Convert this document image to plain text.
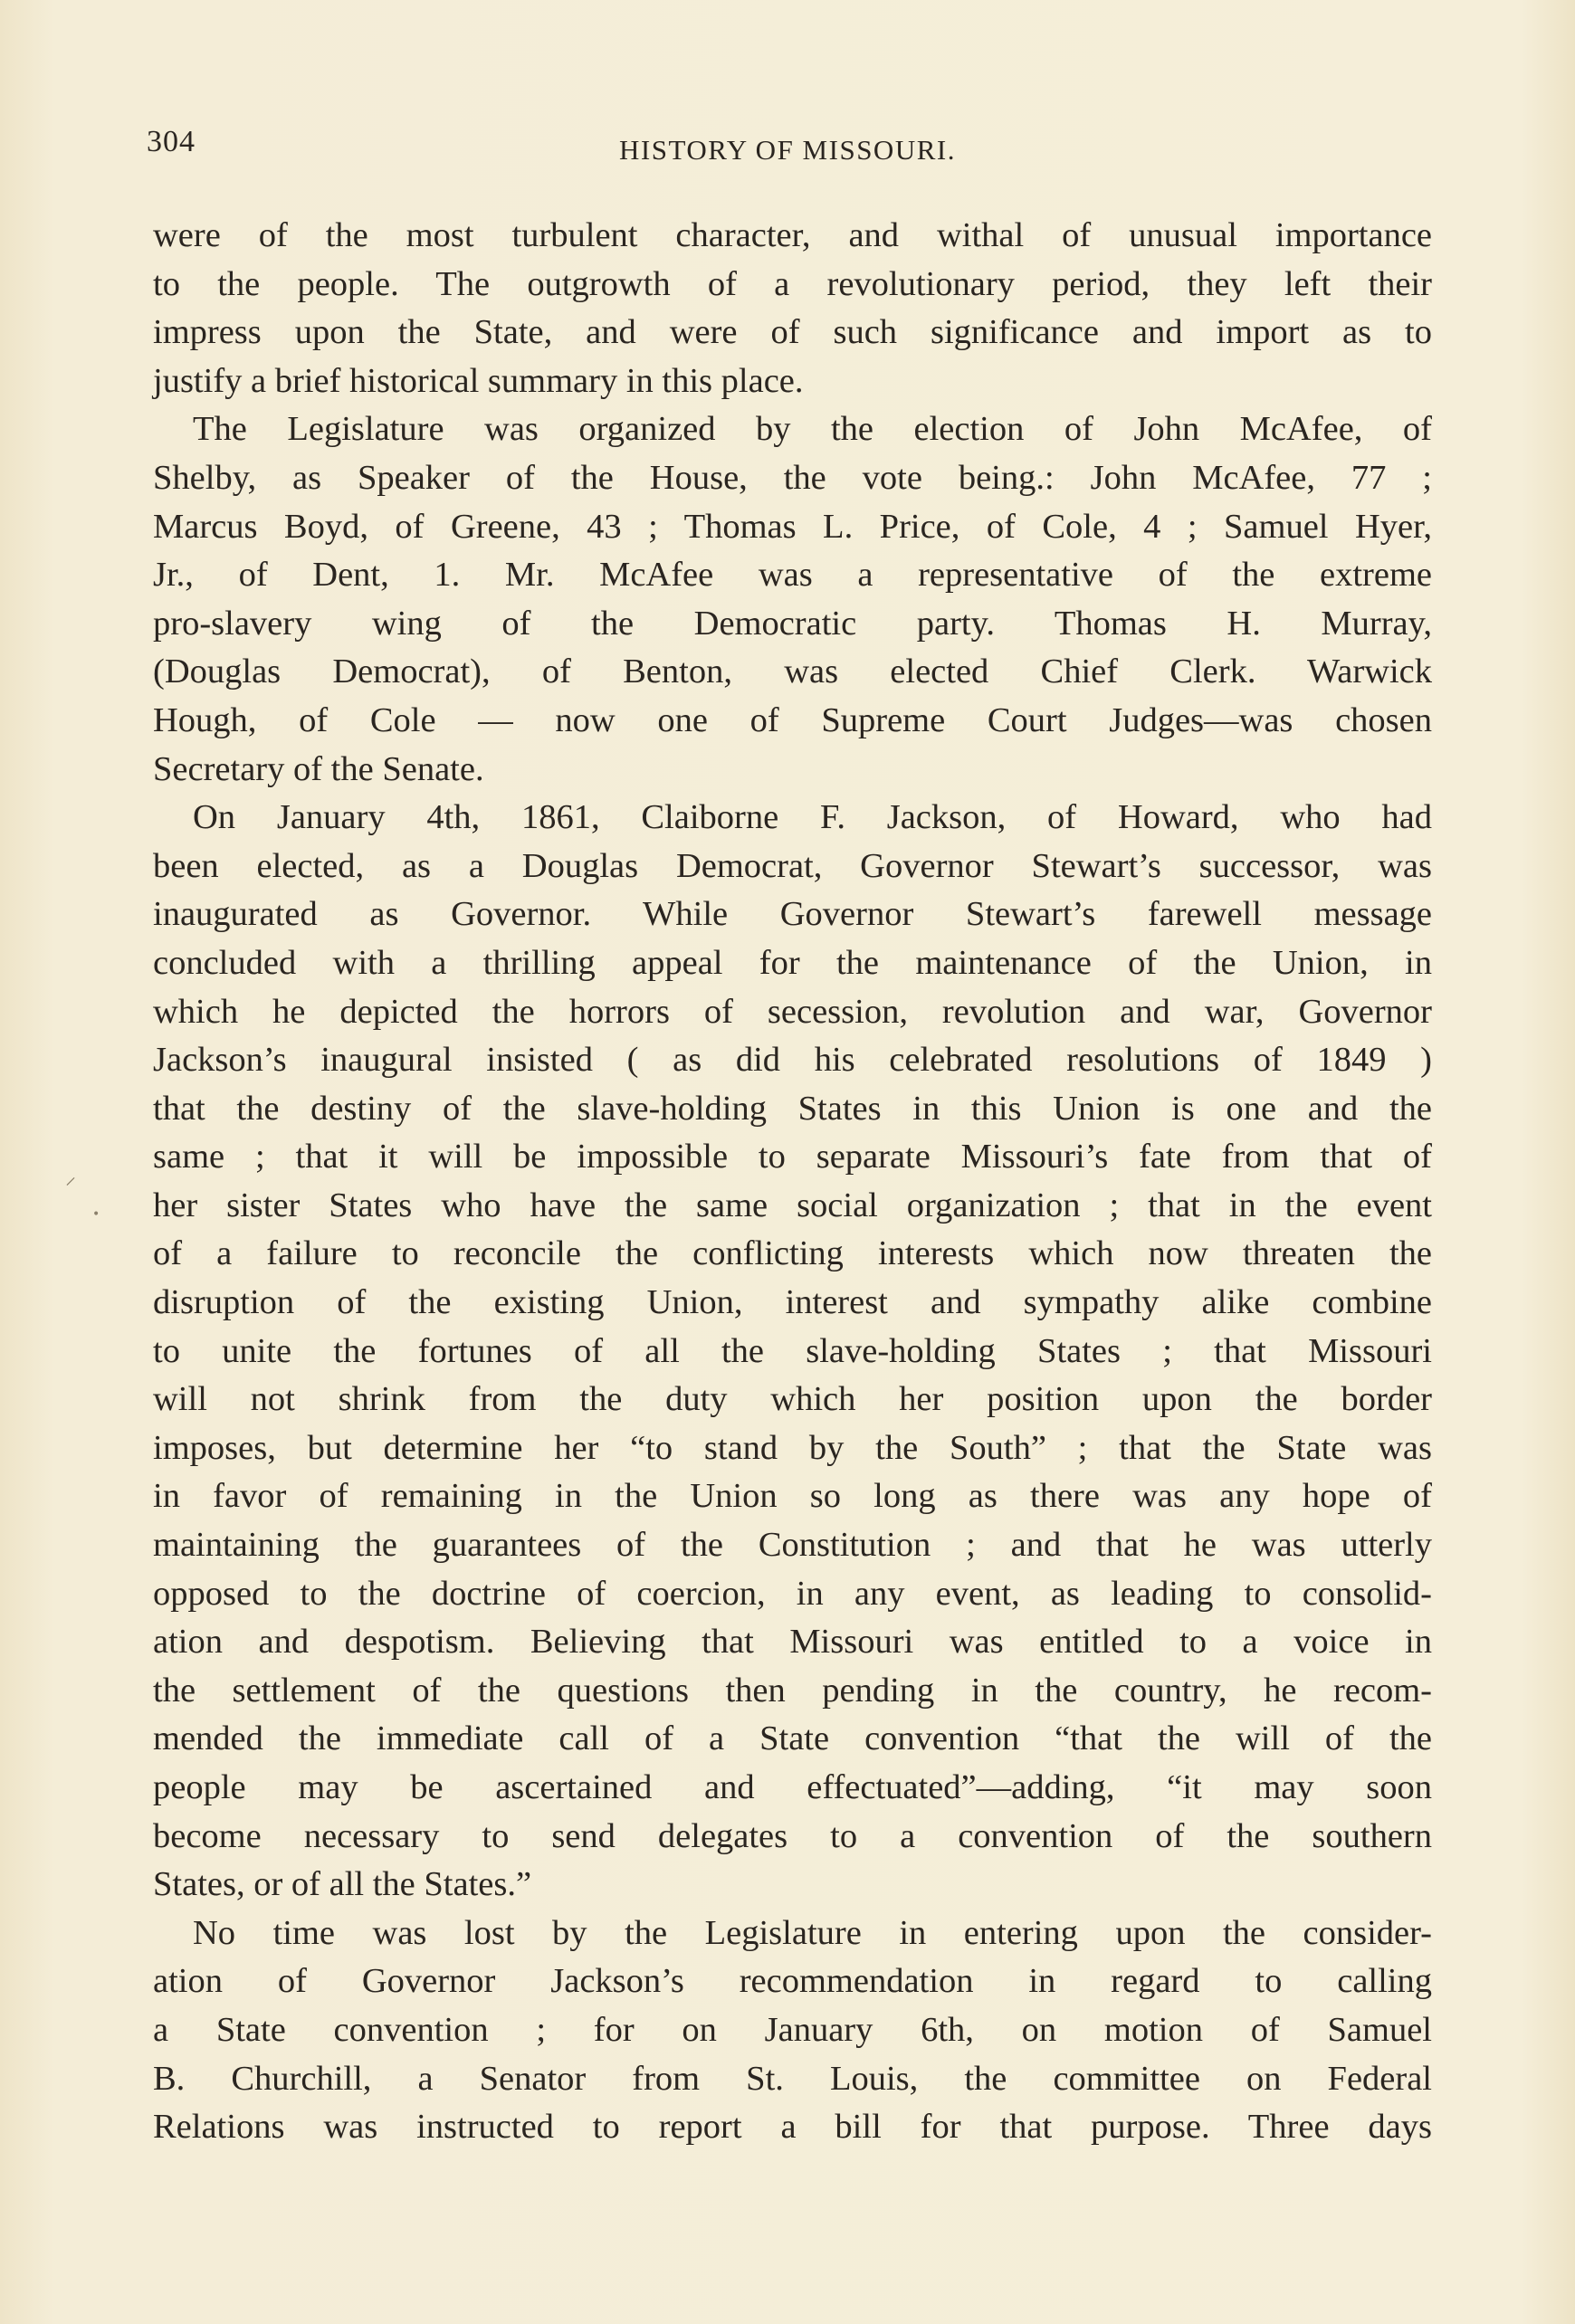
304	HISTORY OF MISSOURI.

were of the most turbulent character, and withal of unusual importance
to the people. The outgrowth of a revolutionary period, they left their
impress upon the State, and were of such significance and import as to
justify a brief historical summary in this place.

The Legislature was organized by the election of John McAfee, of
Shelby, as Speaker of the House, the vote being.: John McAfee, 77 ;
Marcus Boyd, of Greene, 43 ; Thomas L. Price, of Cole, 4 ; Samuel Hyer,
Jr., of Dent, 1. Mr. McAfee was a representative of the extreme
pro-slavery wing of the Democratic party. Thomas H. Murray,
(Douglas Democrat), of Benton, was elected Chief Clerk. Warwick
Hough, of Cole — now one of Supreme Court Judges—was chosen
Secretary of the Senate.

On January 4th, 1861, Claiborne F. Jackson, of Howard, who had
been elected, as a Douglas Democrat, Governor Stewart’s successor, was
inaugurated as Governor. While Governor Stewart’s farewell message
concluded with a thrilling appeal for the maintenance of the Union, in
which he depicted the horrors of secession, revolution and war, Governor
Jackson’s inaugural insisted ( as did his celebrated resolutions of 1849 )
that the destiny of the slave-holding States in this Union is one and the
same ; that it will be impossible to separate Missouri’s fate from that of
her sister States who have the same social organization ; that in the event
of a failure to reconcile the conflicting interests which now threaten the
disruption of the existing Union, interest and sympathy alike combine
to unite the fortunes of all the slave-holding States ; that Missouri
will not shrink from the duty which her position upon the border
imposes, but determine her “to stand by the South” ; that the State was
in favor of remaining in the Union so long as there was any hope of
maintaining the guarantees of the Constitution ; and that he was utterly
opposed to the doctrine of coercion, in any event, as leading to consolid-
ation and despotism. Believing that Missouri was entitled to a voice in
the settlement of the questions then pending in the country, he recom-
mended the immediate call of a State convention “that the will of the
people may be ascertained and effectuated”—adding, “it may soon
become necessary to send delegates to a convention of the southern
States, or of all the States.”

No time was lost by the Legislature in entering upon the consider-
ation of Governor Jackson’s recommendation in regard to calling
a State convention ; for on January 6th, on motion of Samuel
B. Churchill, a Senator from St. Louis, the committee on Federal
Relations was instructed to report a bill for that purpose. Three days

⸝
•
